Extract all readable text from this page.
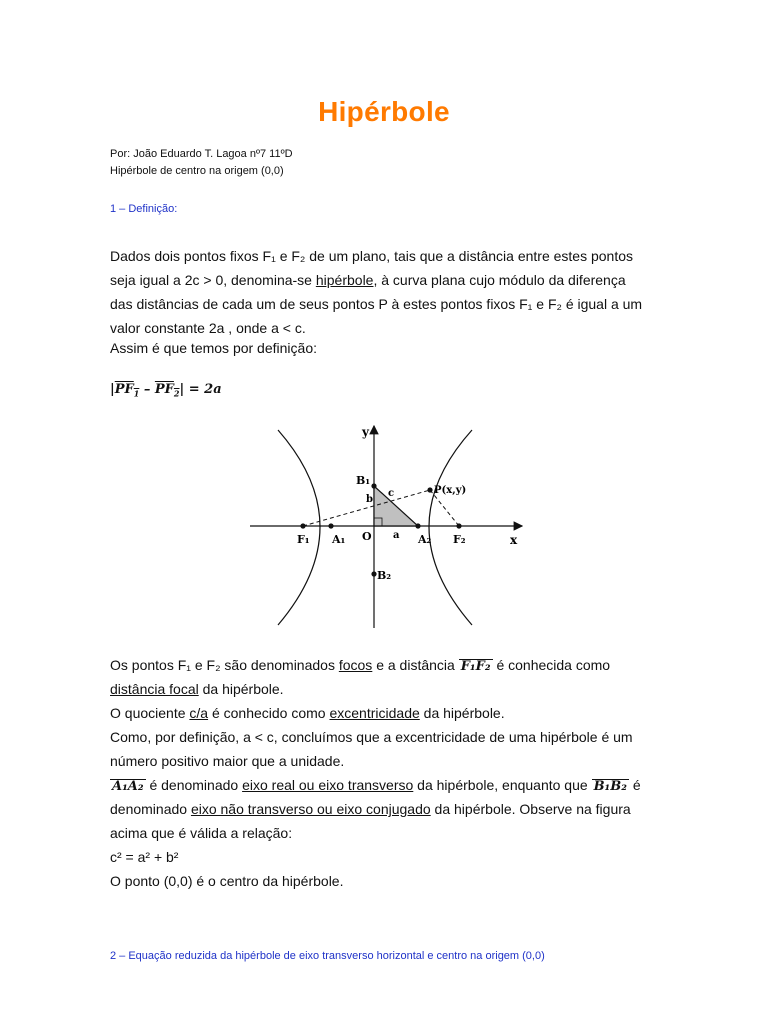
Hipérbole
Por: João Eduardo T. Lagoa nº7 11ºD
Hipérbole de centro na origem (0,0)
1 – Definição:
Dados dois pontos fixos F₁ e F₂ de um plano, tais que a distância entre estes pontos
seja igual a 2c > 0, denomina-se hipérbole, à curva plana cujo módulo da diferença
das distâncias de cada um de seus pontos P à estes pontos fixos F₁ e F₂ é igual a um
valor constante 2a , onde a < c.
Assim é que temos por definição:
$|PF_1 - PF_2| = 2a$
y
x
B₁
B₂
A₁	A₂
F₁	F₂
O a
b
c	P(x,y)
Os pontos F₁ e F₂ são denominados focos e a distância F₁F₂ é conhecida como
distância focal da hipérbole.
O quociente c/a é conhecido como excentricidade da hipérbole.
Como, por definição, a < c, concluímos que a excentricidade de uma hipérbole é um
número positivo maior que a unidade.
A₁A₂ é denominado eixo real ou eixo transverso da hipérbole, enquanto que B₁B₂ é
denominado eixo não transverso ou eixo conjugado da hipérbole. Observe na figura
acima que é válida a relação:
c² = a² + b²
O ponto (0,0) é o centro da hipérbole.
2 – Equação reduzida da hipérbole de eixo transverso horizontal e centro na origem (0,0)
